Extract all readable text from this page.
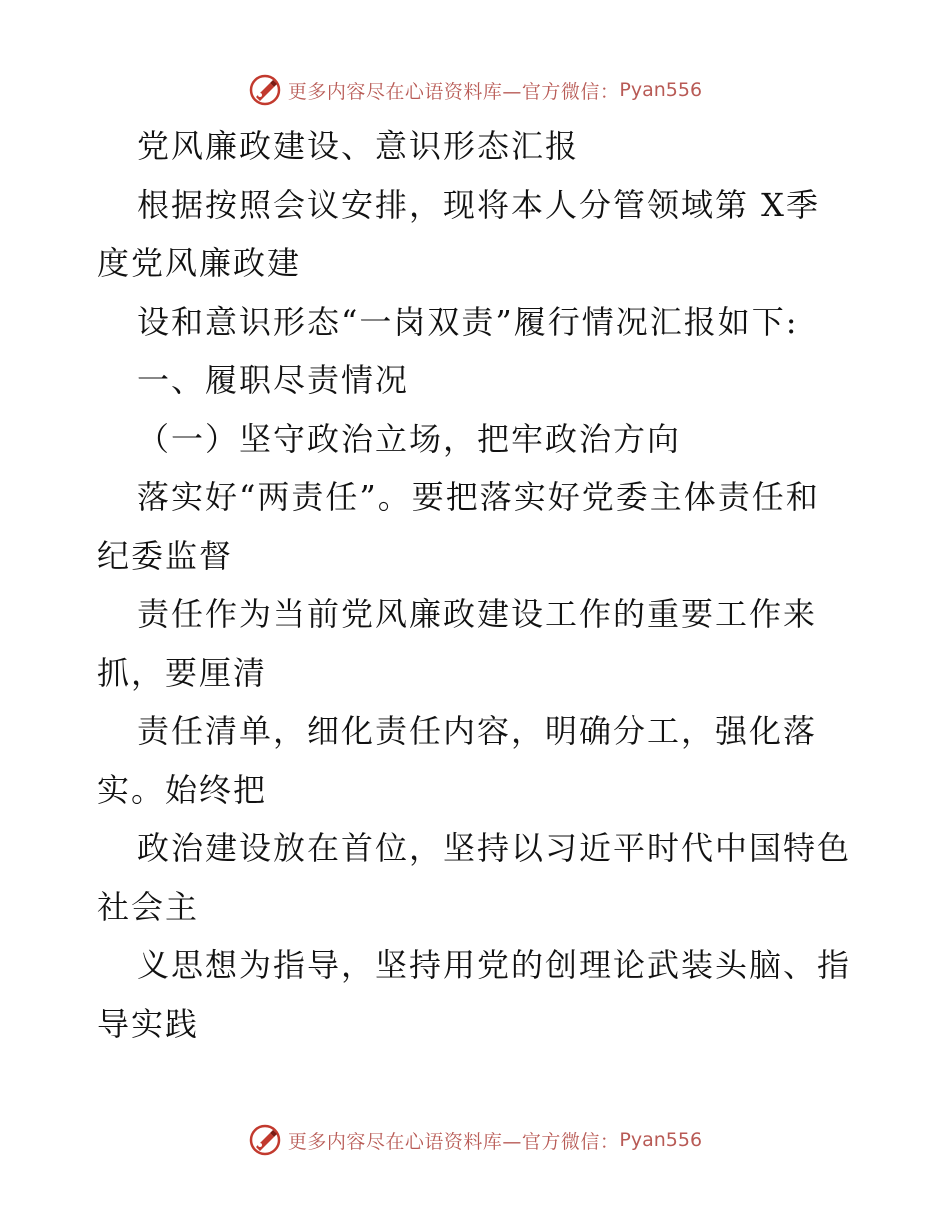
更多内容尽在心语资料库—官方微信： Pyan556
党风廉政建设、意识形态汇报
根据按照会议安排，现将本人分管领域第 X季
度党风廉政建
设和意识形态“一岗双责”履行情况汇报如下:
一、履职尽责情况
（一）坚守政治立场，把牢政治方向
落实好“两责任”。要把落实好党委主体责任和
纪委监督
责任作为当前党风廉政建设工作的重要工作来
抓，要厘清
责任清单，细化责任内容，明确分工，强化落
实。始终把
政治建设放在首位，坚持以习近平时代中国特色
社会主
义思想为指导，坚持用党的创理论武装头脑、指
导实践
更多内容尽在心语资料库—官方微信： Pyan556
